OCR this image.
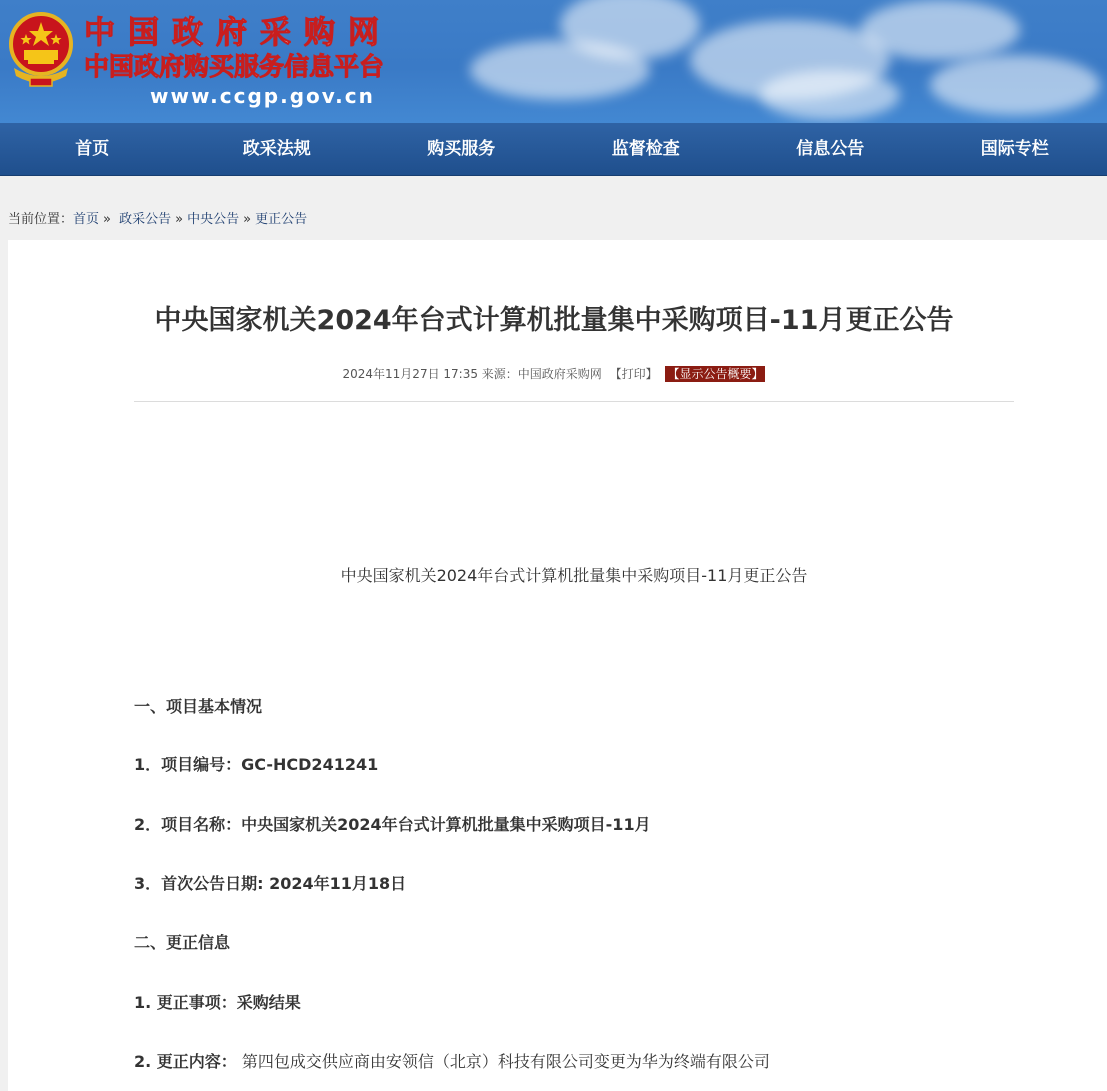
中国政府采购网
中国政府购买服务信息平台
www.ccgp.gov.cn
首页	政采法规	购买服务	监督检查	信息公告	国际专栏
当前位置：首页 » 政采公告 » 中央公告 » 更正公告
中央国家机关2024年台式计算机批量集中采购项目-11月更正公告
2024年11月27日 17:35 来源：中国政府采购网 【打印】 【显示公告概要】
中央国家机关2024年台式计算机批量集中采购项目-11月更正公告
一、项目基本情况
1．项目编号：GC-HCD241241
2．项目名称：中央国家机关2024年台式计算机批量集中采购项目-11月
3．首次公告日期: 2024年11月18日
二、更正信息
1. 更正事项：采购结果
2. 更正内容： 第四包成交供应商由安领信（北京）科技有限公司变更为华为终端有限公司
